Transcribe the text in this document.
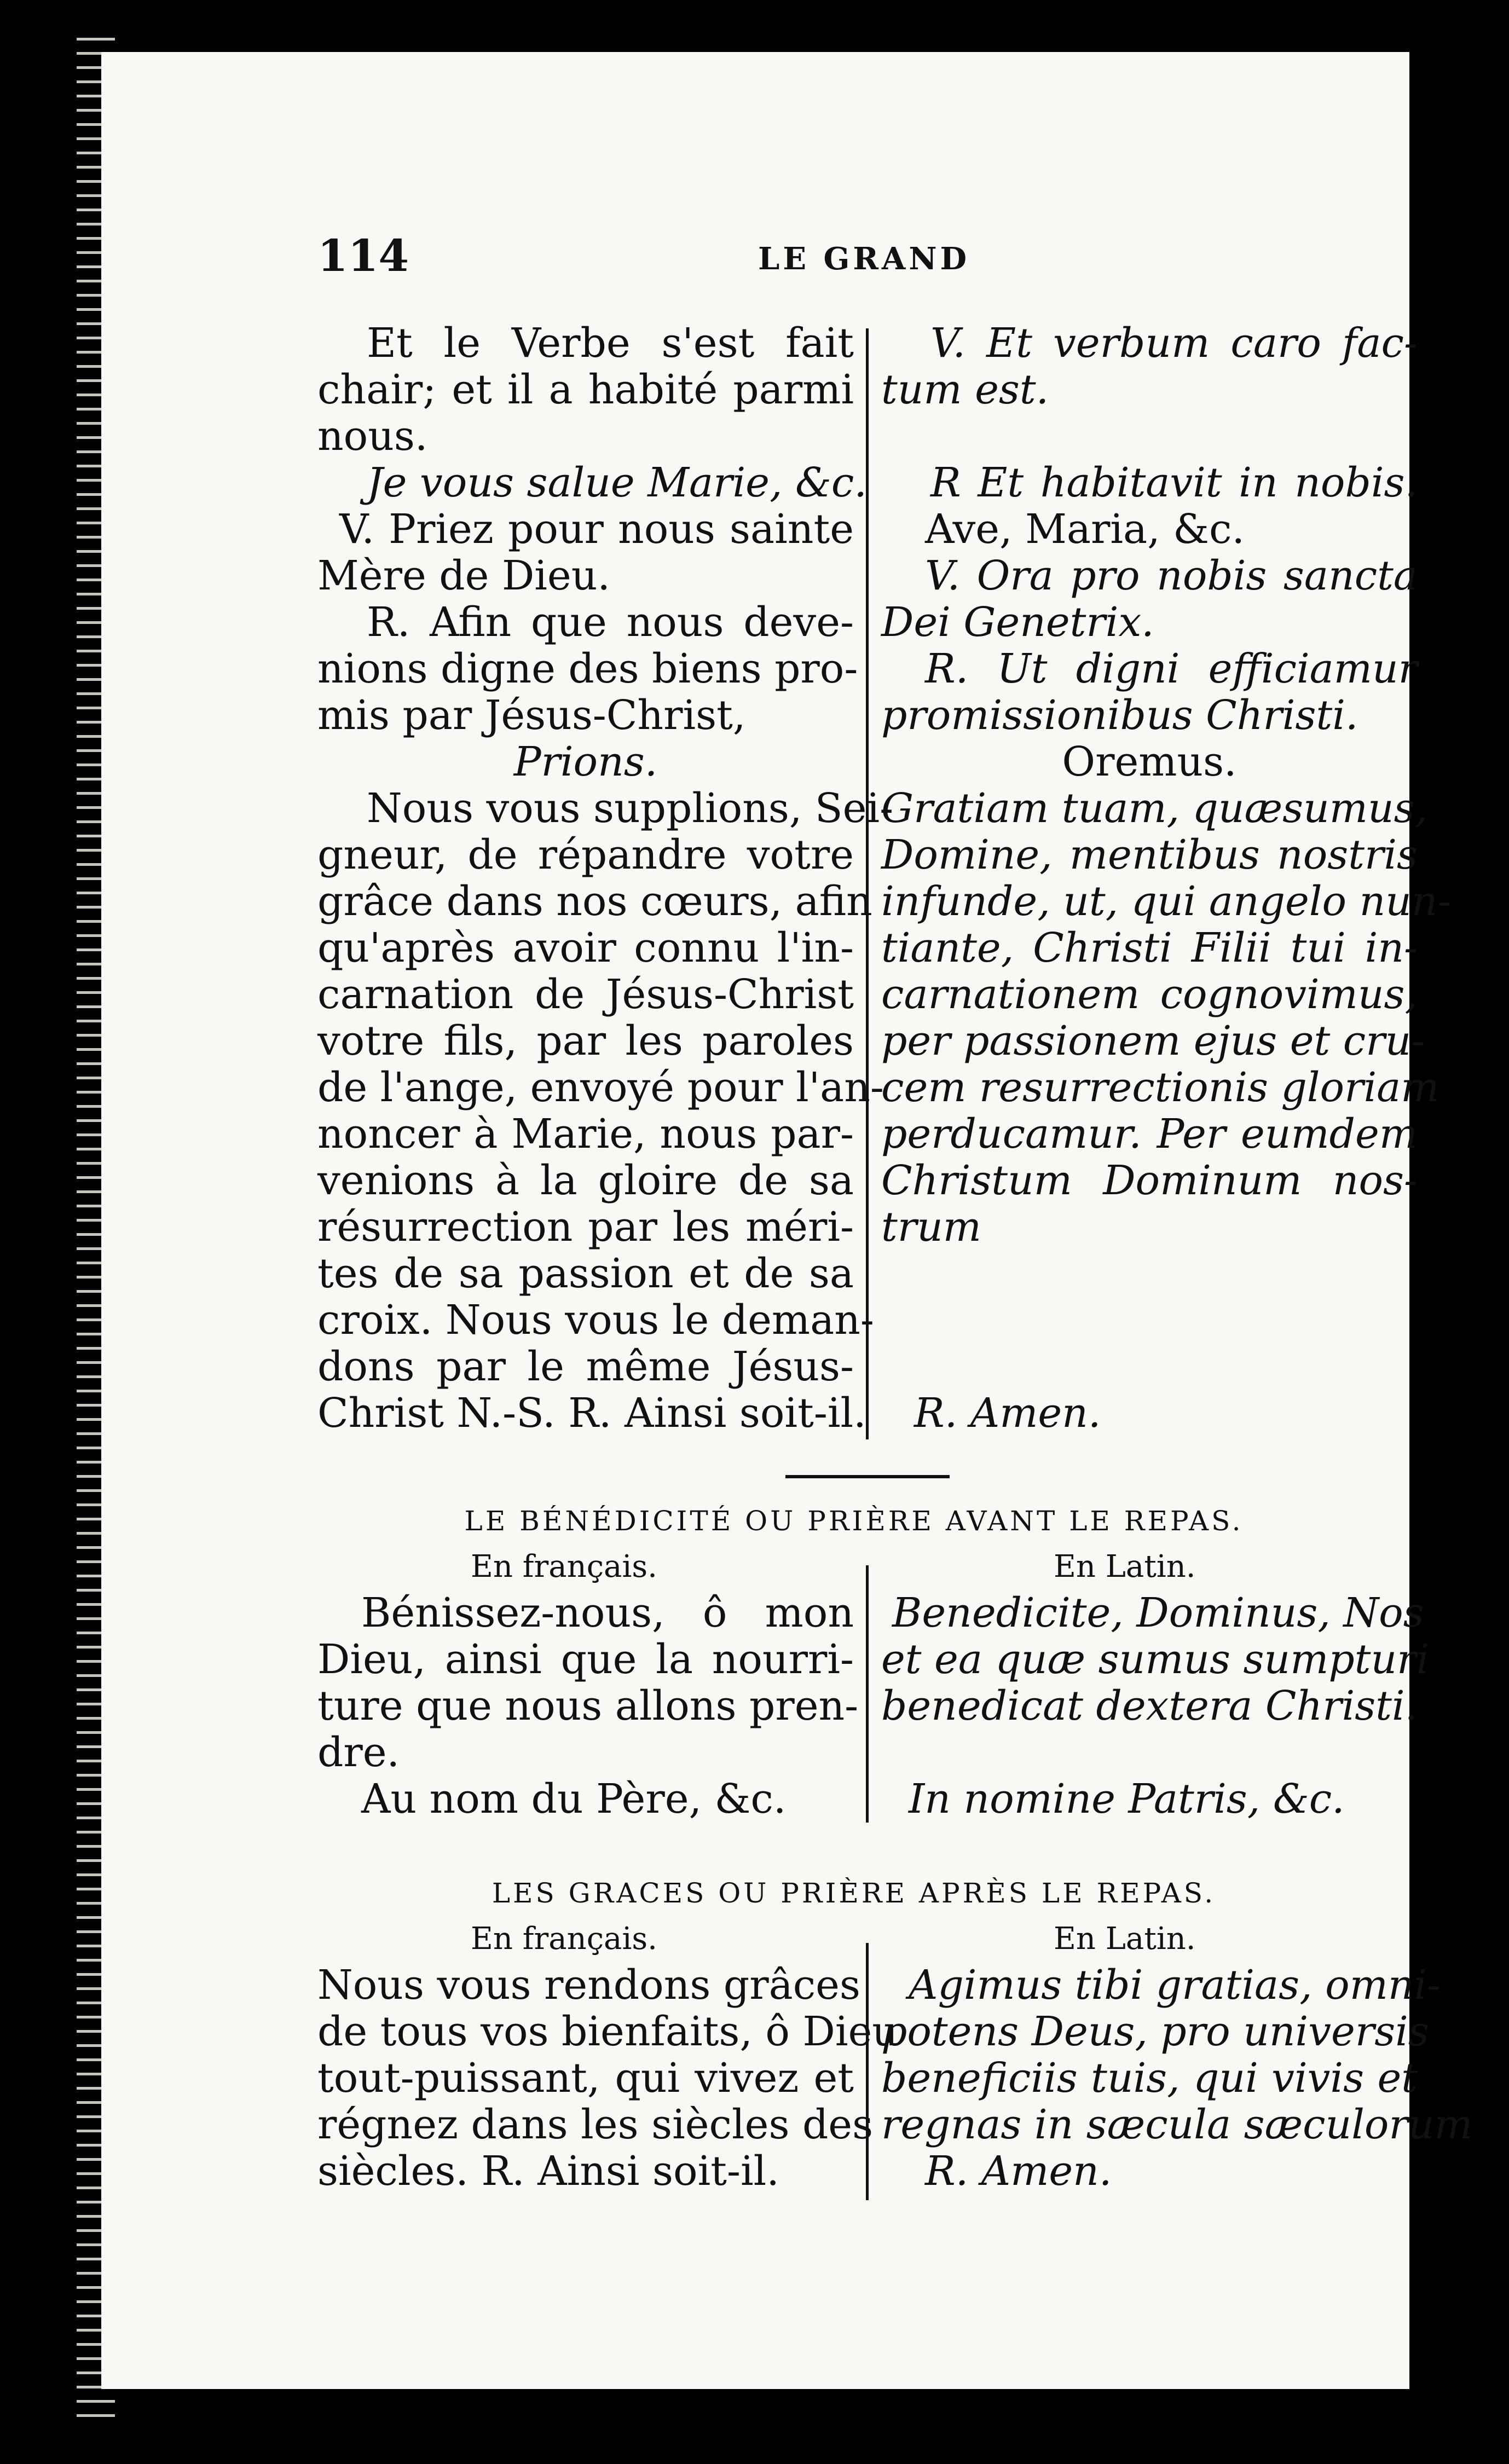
114	LE GRAND
Et le Verbe s'est fait
chair; et il a habité parmi
nous.
Je vous salue Marie, &c.
V. Priez pour nous sainte
Mère de Dieu.
R. Afin que nous deve-
nions digne des biens pro-
mis par Jésus-Christ,
Prions.
Nous vous supplions, Sei-
gneur, de répandre votre
grâce dans nos cœurs, afin
qu'après avoir connu l'in-
carnation de Jésus-Christ
votre fils, par les paroles
de l'ange, envoyé pour l'an-
noncer à Marie, nous par-
venions à la gloire de sa
résurrection par les méri-
tes de sa passion et de sa
croix. Nous vous le deman-
dons par le même Jésus-
Christ N.-S. R. Ainsi soit-il.
V. Et verbum caro fac-
tum est.
R Et habitavit in nobis.
Ave, Maria, &c.
V. Ora pro nobis sancta
Dei Genetrix.
R. Ut digni efficiamur
promissionibus Christi.
Oremus.
Gratiam tuam, quæsumus,
Domine, mentibus nostris
infunde, ut, qui angelo nun-
tiante, Christi Filii tui in-
carnationem cognovimus,
per passionem ejus et cru-
cem resurrectionis gloriam
perducamur. Per eumdem
Christum Dominum nos-
trum
R. Amen.
LE BÉNÉDICITÉ OU PRIÈRE AVANT LE REPAS.
En français.	En Latin.
Bénissez-nous, ô mon
Dieu, ainsi que la nourri-
ture que nous allons pren-
dre.
Au nom du Père, &c.
Benedicite, Dominus, Nos
et ea quæ sumus sumpturi
benedicat dextera Christi.
In nomine Patris, &c.
LES GRACES OU PRIÈRE APRÈS LE REPAS.
En français.	En Latin.
Nous vous rendons grâces
de tous vos bienfaits, ô Dieu
tout-puissant, qui vivez et
régnez dans les siècles des
siècles. R. Ainsi soit-il.
Agimus tibi gratias, omni-
potens Deus, pro universis
beneficiis tuis, qui vivis et
regnas in sæcula sæculorum
R. Amen.
